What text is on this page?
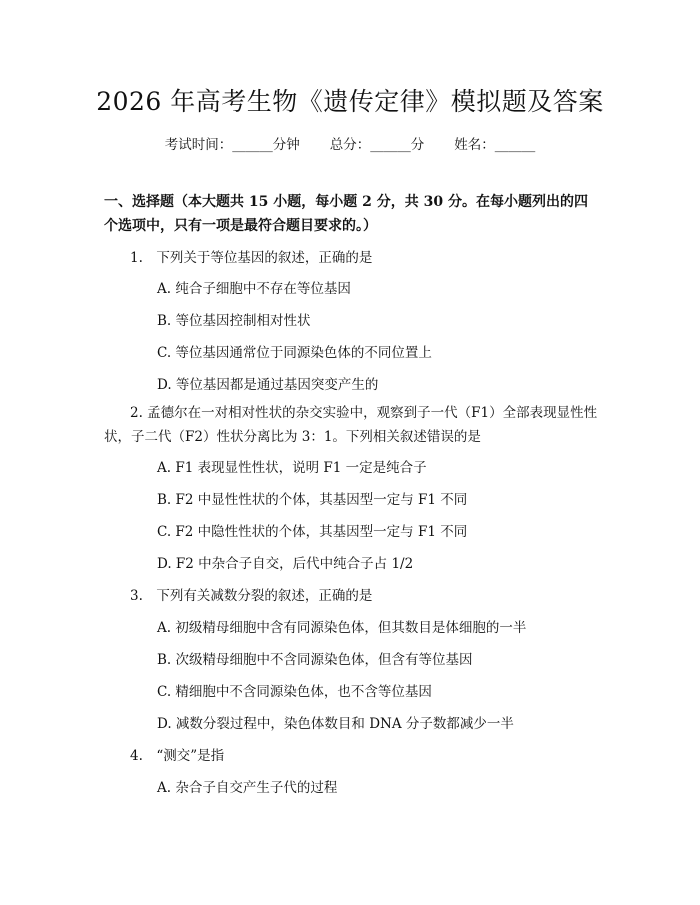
2026 年高考生物《遗传定律》模拟题及答案
考试时间：______分钟 总分：______分 姓名：______
一、选择题（本大题共 15 小题，每小题 2 分，共 30 分。在每小题列出的四个选项中，只有一项是最符合题目要求的。）
1.　下列关于等位基因的叙述，正确的是
A. 纯合子细胞中不存在等位基因
B. 等位基因控制相对性状
C. 等位基因通常位于同源染色体的不同位置上
D. 等位基因都是通过基因突变产生的
2. 孟德尔在一对相对性状的杂交实验中，观察到子一代（F1）全部表现显性性状，子二代（F2）性状分离比为 3：1。下列相关叙述错误的是
A. F1 表现显性性状，说明 F1 一定是纯合子
B. F2 中显性性状的个体，其基因型一定与 F1 不同
C. F2 中隐性性状的个体，其基因型一定与 F1 不同
D. F2 中杂合子自交，后代中纯合子占 1/2
3.　下列有关减数分裂的叙述，正确的是
A. 初级精母细胞中含有同源染色体，但其数目是体细胞的一半
B. 次级精母细胞中不含同源染色体，但含有等位基因
C. 精细胞中不含同源染色体，也不含等位基因
D. 减数分裂过程中，染色体数目和 DNA 分子数都减少一半
4.　“测交”是指
A. 杂合子自交产生子代的过程
